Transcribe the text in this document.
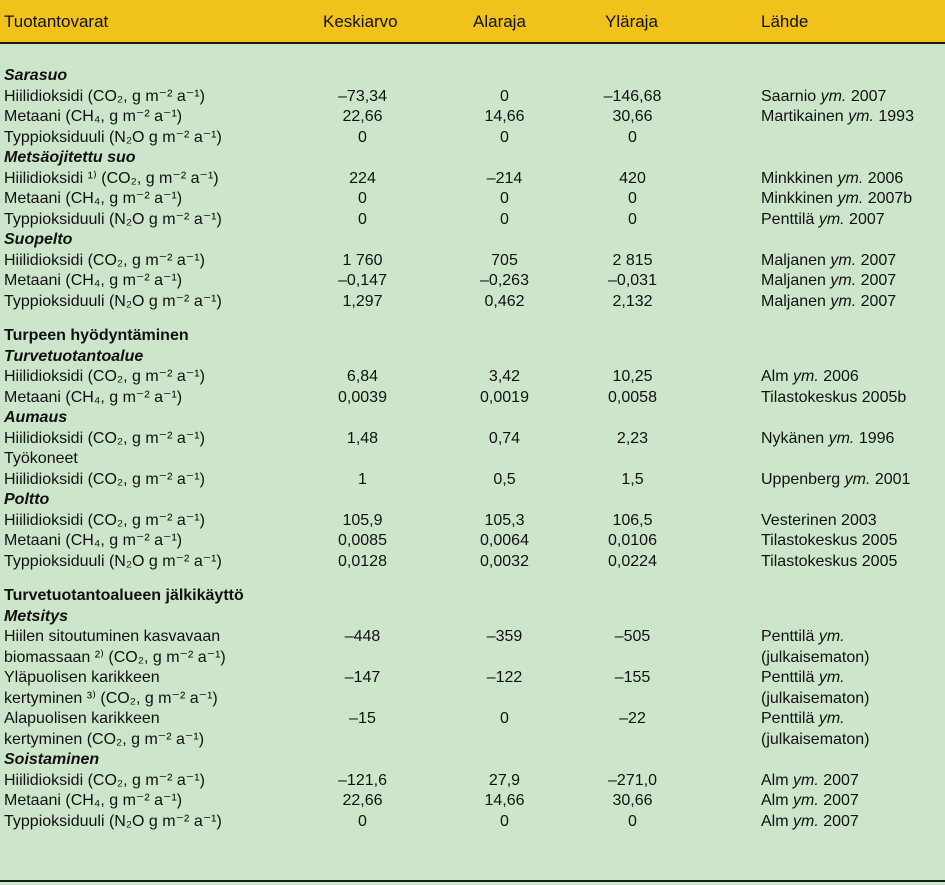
Tuotantovarat	Keskiarvo	Alaraja	Yläraja	Lähde
Sarasuo
Hiilidioksidi (CO₂, g m⁻² a⁻¹)	–73,34	0	–146,68	Saarnio ym. 2007
Metaani (CH₄, g m⁻² a⁻¹)	22,66	14,66	30,66	Martikainen ym. 1993
Typpioksiduuli (N₂O g m⁻² a⁻¹)	0	0	0
Metsäojitettu suo
Hiilidioksidi ¹⁾ (CO₂, g m⁻² a⁻¹)	224	–214	420	Minkkinen ym. 2006
Metaani (CH₄, g m⁻² a⁻¹)	0	0	0	Minkkinen ym. 2007b
Typpioksiduuli (N₂O g m⁻² a⁻¹)	0	0	0	Penttilä ym. 2007
Suopelto
Hiilidioksidi (CO₂, g m⁻² a⁻¹)	1 760	705	2 815	Maljanen ym. 2007
Metaani (CH₄, g m⁻² a⁻¹)	–0,147	–0,263	–0,031	Maljanen ym. 2007
Typpioksiduuli (N₂O g m⁻² a⁻¹)	1,297	0,462	2,132	Maljanen ym. 2007
Turpeen hyödyntäminen
Turvetuotantoalue
Hiilidioksidi (CO₂, g m⁻² a⁻¹)	6,84	3,42	10,25	Alm ym. 2006
Metaani (CH₄, g m⁻² a⁻¹)	0,0039	0,0019	0,0058	Tilastokeskus 2005b
Aumaus
Hiilidioksidi (CO₂, g m⁻² a⁻¹)	1,48	0,74	2,23	Nykänen ym. 1996
Työkoneet
Hiilidioksidi (CO₂, g m⁻² a⁻¹)	1	0,5	1,5	Uppenberg ym. 2001
Poltto
Hiilidioksidi (CO₂, g m⁻² a⁻¹)	105,9	105,3	106,5	Vesterinen 2003
Metaani (CH₄, g m⁻² a⁻¹)	0,0085	0,0064	0,0106	Tilastokeskus 2005
Typpioksiduuli (N₂O g m⁻² a⁻¹)	0,0128	0,0032	0,0224	Tilastokeskus 2005
Turvetuotantoalueen jälkikäyttö
Metsitys
Hiilen sitoutuminen kasvavaan	–448	–359	–505	Penttilä ym.
biomassaan ²⁾ (CO₂, g m⁻² a⁻¹)	(julkaisematon)
Yläpuolisen karikkeen	–147	–122	–155	Penttilä ym.
kertyminen ³⁾ (CO₂, g m⁻² a⁻¹)	(julkaisematon)
Alapuolisen karikkeen	–15	0	–22	Penttilä ym.
kertyminen (CO₂, g m⁻² a⁻¹)	(julkaisematon)
Soistaminen
Hiilidioksidi (CO₂, g m⁻² a⁻¹)	–121,6	27,9	–271,0	Alm ym. 2007
Metaani (CH₄, g m⁻² a⁻¹)	22,66	14,66	30,66	Alm ym. 2007
Typpioksiduuli (N₂O g m⁻² a⁻¹)	0	0	0	Alm ym. 2007
